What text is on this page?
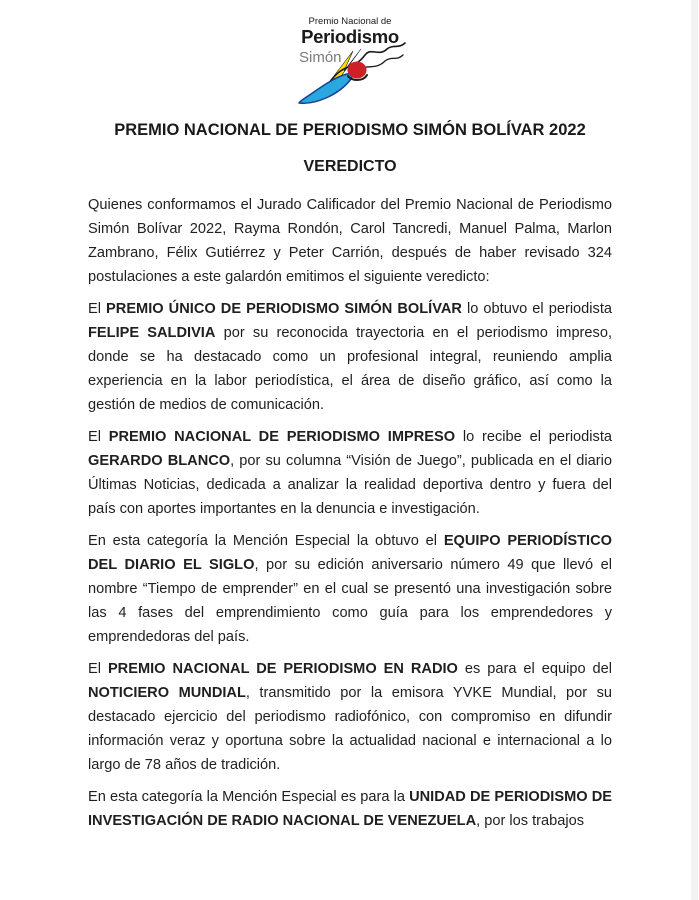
Premio Nacional de
Periodismo
Simón
PREMIO NACIONAL DE PERIODISMO SIMÓN BOLÍVAR 2022
VEREDICTO

Quienes conformamos el Jurado Calificador del Premio Nacional de Periodismo Simón Bolívar 2022, Rayma Rondón, Carol Tancredi, Manuel Palma, Marlon Zambrano, Félix Gutiérrez y Peter Carrión, después de haber revisado 324 postulaciones a este galardón emitimos el siguiente veredicto:

El PREMIO ÚNICO DE PERIODISMO SIMÓN BOLÍVAR lo obtuvo el periodista FELIPE SALDIVIA por su reconocida trayectoria en el periodismo impreso, donde se ha destacado como un profesional integral, reuniendo amplia experiencia en la labor periodística, el área de diseño gráfico, así como la gestión de medios de comunicación.

El PREMIO NACIONAL DE PERIODISMO IMPRESO lo recibe el periodista GERARDO BLANCO, por su columna “Visión de Juego”, publicada en el diario Últimas Noticias, dedicada a analizar la realidad deportiva dentro y fuera del país con aportes importantes en la denuncia e investigación.

En esta categoría la Mención Especial la obtuvo el EQUIPO PERIODÍSTICO DEL DIARIO EL SIGLO, por su edición aniversario número 49 que llevó el nombre “Tiempo de emprender” en el cual se presentó una investigación sobre las 4 fases del emprendimiento como guía para los emprendedores y emprendedoras del país.

El PREMIO NACIONAL DE PERIODISMO EN RADIO es para el equipo del NOTICIERO MUNDIAL, transmitido por la emisora YVKE Mundial, por su destacado ejercicio del periodismo radiofónico, con compromiso en difundir información veraz y oportuna sobre la actualidad nacional e internacional a lo largo de 78 años de tradición.

En esta categoría la Mención Especial es para la UNIDAD DE PERIODISMO DE INVESTIGACIÓN DE RADIO NACIONAL DE VENEZUELA, por los trabajos
